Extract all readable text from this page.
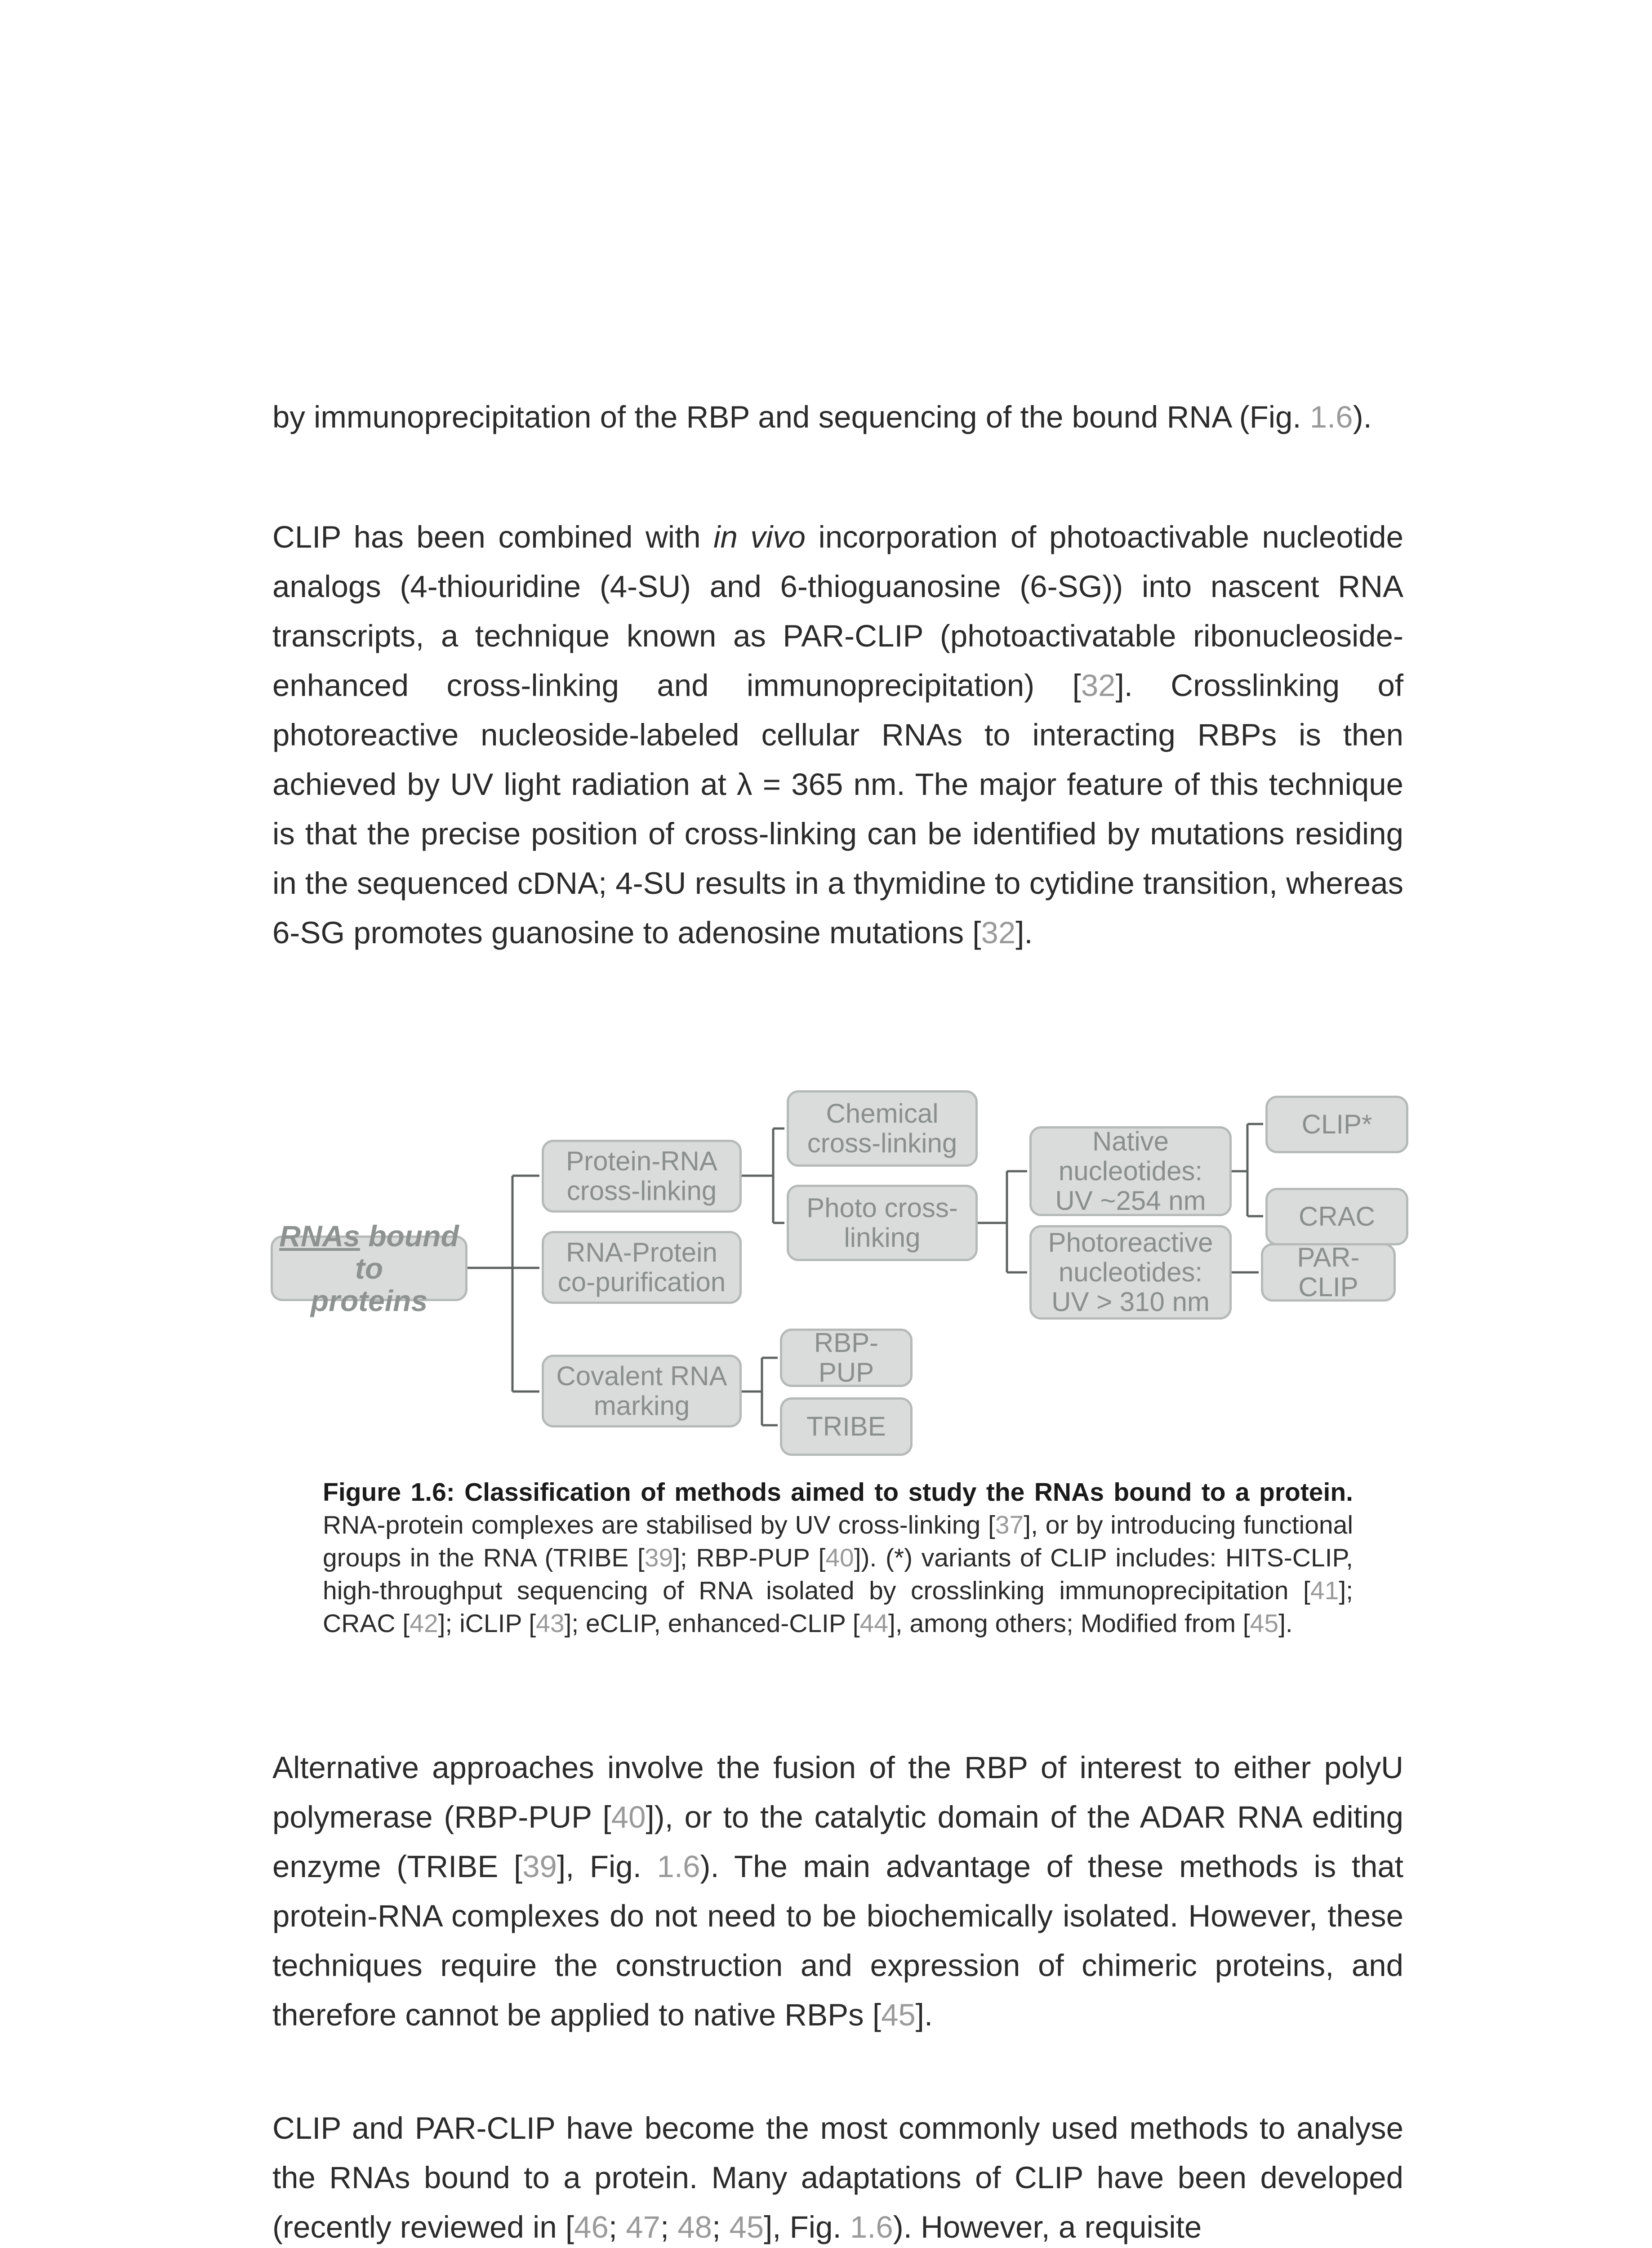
by immunoprecipitation of the RBP and sequencing of the bound RNA (Fig. 1.6).

CLIP has been combined with in vivo incorporation of photoactivable nucleotide analogs (4-thiouridine (4-SU) and 6-thioguanosine (6-SG)) into nascent RNA transcripts, a technique known as PAR-CLIP (photoactivatable ribonucleoside-enhanced cross-linking and immunoprecipitation) [32]. Crosslinking of photoreactive nucleoside-labeled cellular RNAs to interacting RBPs is then achieved by UV light radiation at λ = 365 nm. The major feature of this technique is that the precise position of cross-linking can be identified by mutations residing in the sequenced cDNA; 4-SU results in a thymidine to cytidine transition, whereas 6-SG promotes guanosine to adenosine mutations [32].

RNAs bound to
proteins
Protein-RNA cross-linking
RNA-Protein co-purification
Covalent RNA marking
Chemical cross-linking
Photo cross-linking
Native nucleotides: UV ~254 nm
Photoreactive nucleotides: UV > 310 nm
CLIP*
CRAC
PAR-CLIP
RBP-PUP
TRIBE
Figure 1.6: Classification of methods aimed to study the RNAs bound to a protein. RNA-protein complexes are stabilised by UV cross-linking [37], or by introducing functional groups in the RNA (TRIBE [39]; RBP-PUP [40]). (*) variants of CLIP includes: HITS-CLIP, high-throughput sequencing of RNA isolated by crosslinking immunoprecipitation [41]; CRAC [42]; iCLIP [43]; eCLIP, enhanced-CLIP [44], among others; Modified from [45].

Alternative approaches involve the fusion of the RBP of interest to either polyU polymerase (RBP-PUP [40]), or to the catalytic domain of the ADAR RNA editing enzyme (TRIBE [39], Fig. 1.6). The main advantage of these methods is that protein-RNA complexes do not need to be biochemically isolated. However, these techniques require the construction and expression of chimeric proteins, and therefore cannot be applied to native RBPs [45].

CLIP and PAR-CLIP have become the most commonly used methods to analyse the RNAs bound to a protein. Many adaptations of CLIP have been developed (recently reviewed in [46; 47; 48; 45], Fig. 1.6). However, a requisite
